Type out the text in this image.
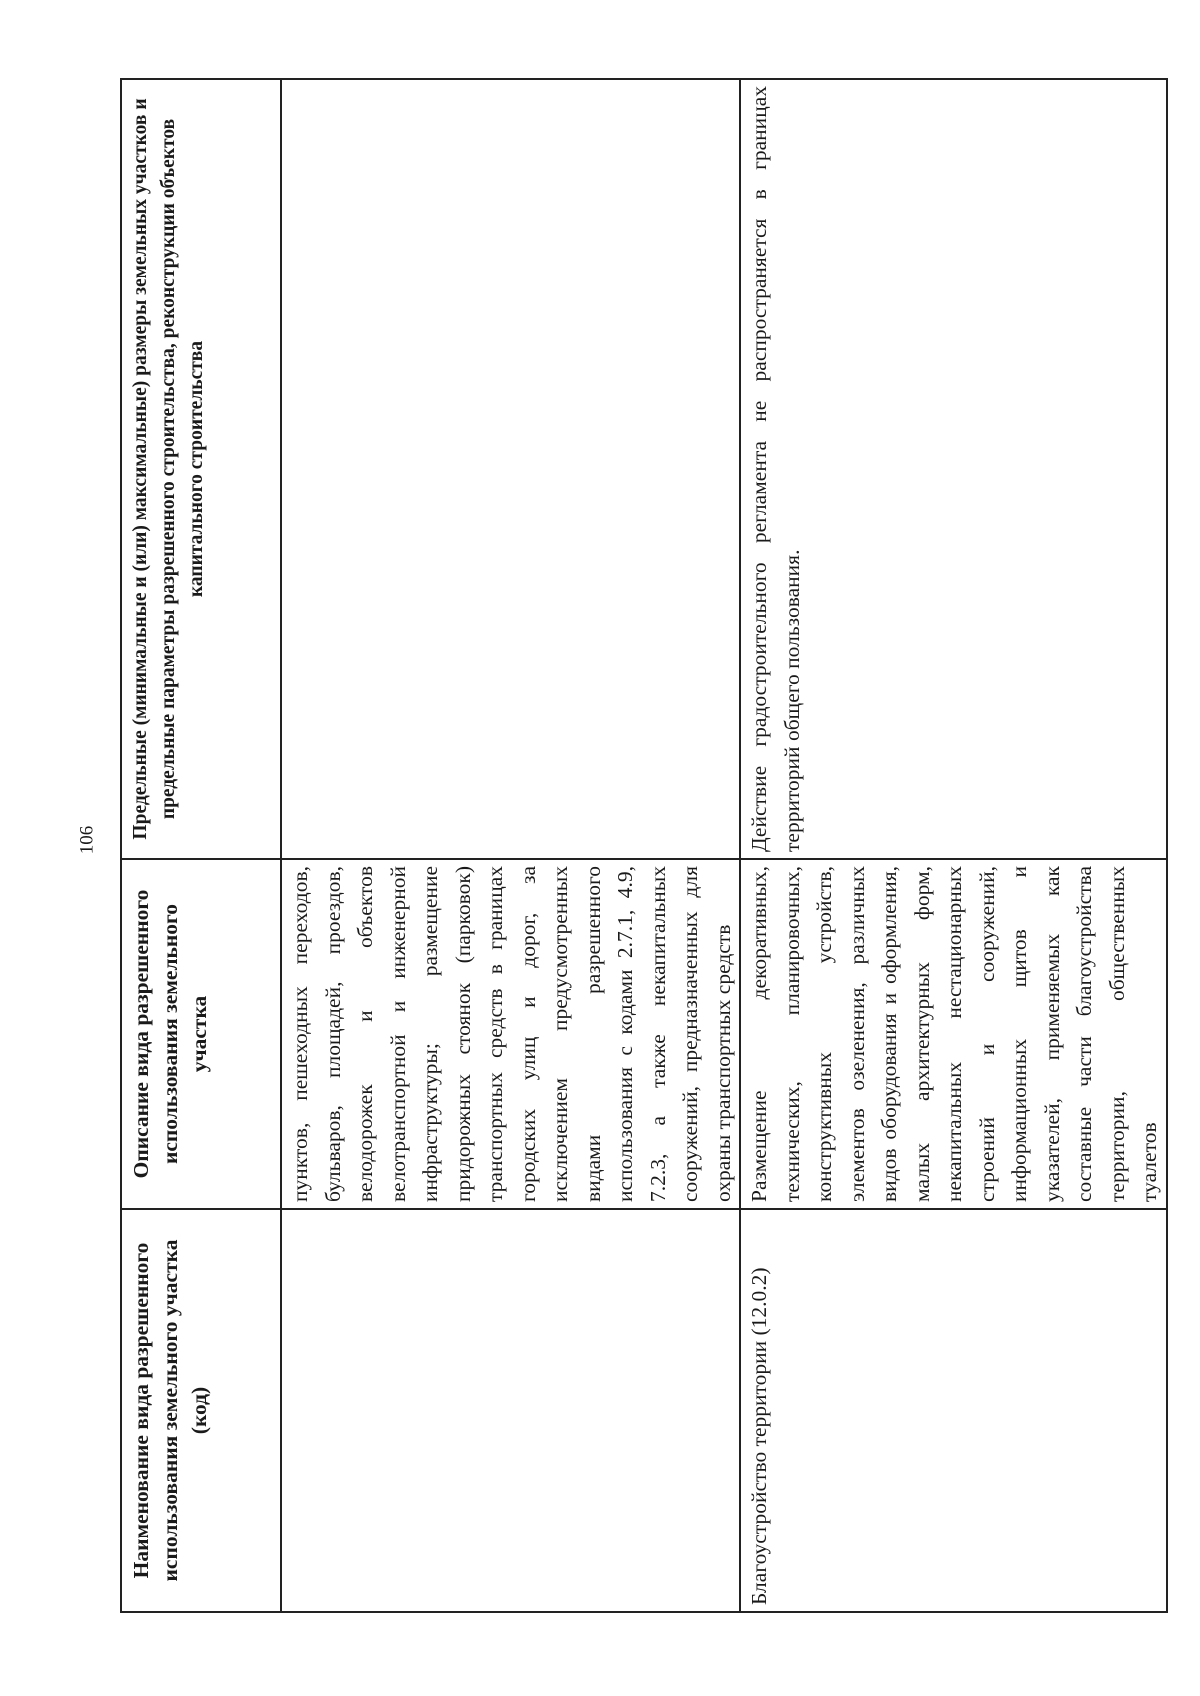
106
Наименование вида разрешенного использования земельного участка (код)	Описание вида разрешенного использования земельного участка	Предельные (минимальные и (или) максимальные) размеры земельных участков и предельные параметры разрешенного строительства, реконструкции объектов капитального строительства
	пунктов, пешеходных переходов, бульваров, площадей, проездов, велодорожек и объектов велотранспортной и инженерной инфраструктуры; размещение придорожных стоянок (парковок) транспортных средств в границах городских улиц и дорог, за исключением предусмотренных видами разрешенного использования с кодами 2.7.1, 4.9, 7.2.3, а также некапитальных сооружений, предназначенных для охраны транспортных средств	
Благоустройство территории (12.0.2)	Размещение декоративных, технических, планировочных, конструктивных устройств, элементов озеленения, различных видов оборудования и оформления, малых архитектурных форм, некапитальных нестационарных строений и сооружений, информационных щитов и указателей, применяемых как составные части благоустройства территории, общественных туалетов	Действие градостроительного регламента не распространяется в границах территорий общего пользования.
